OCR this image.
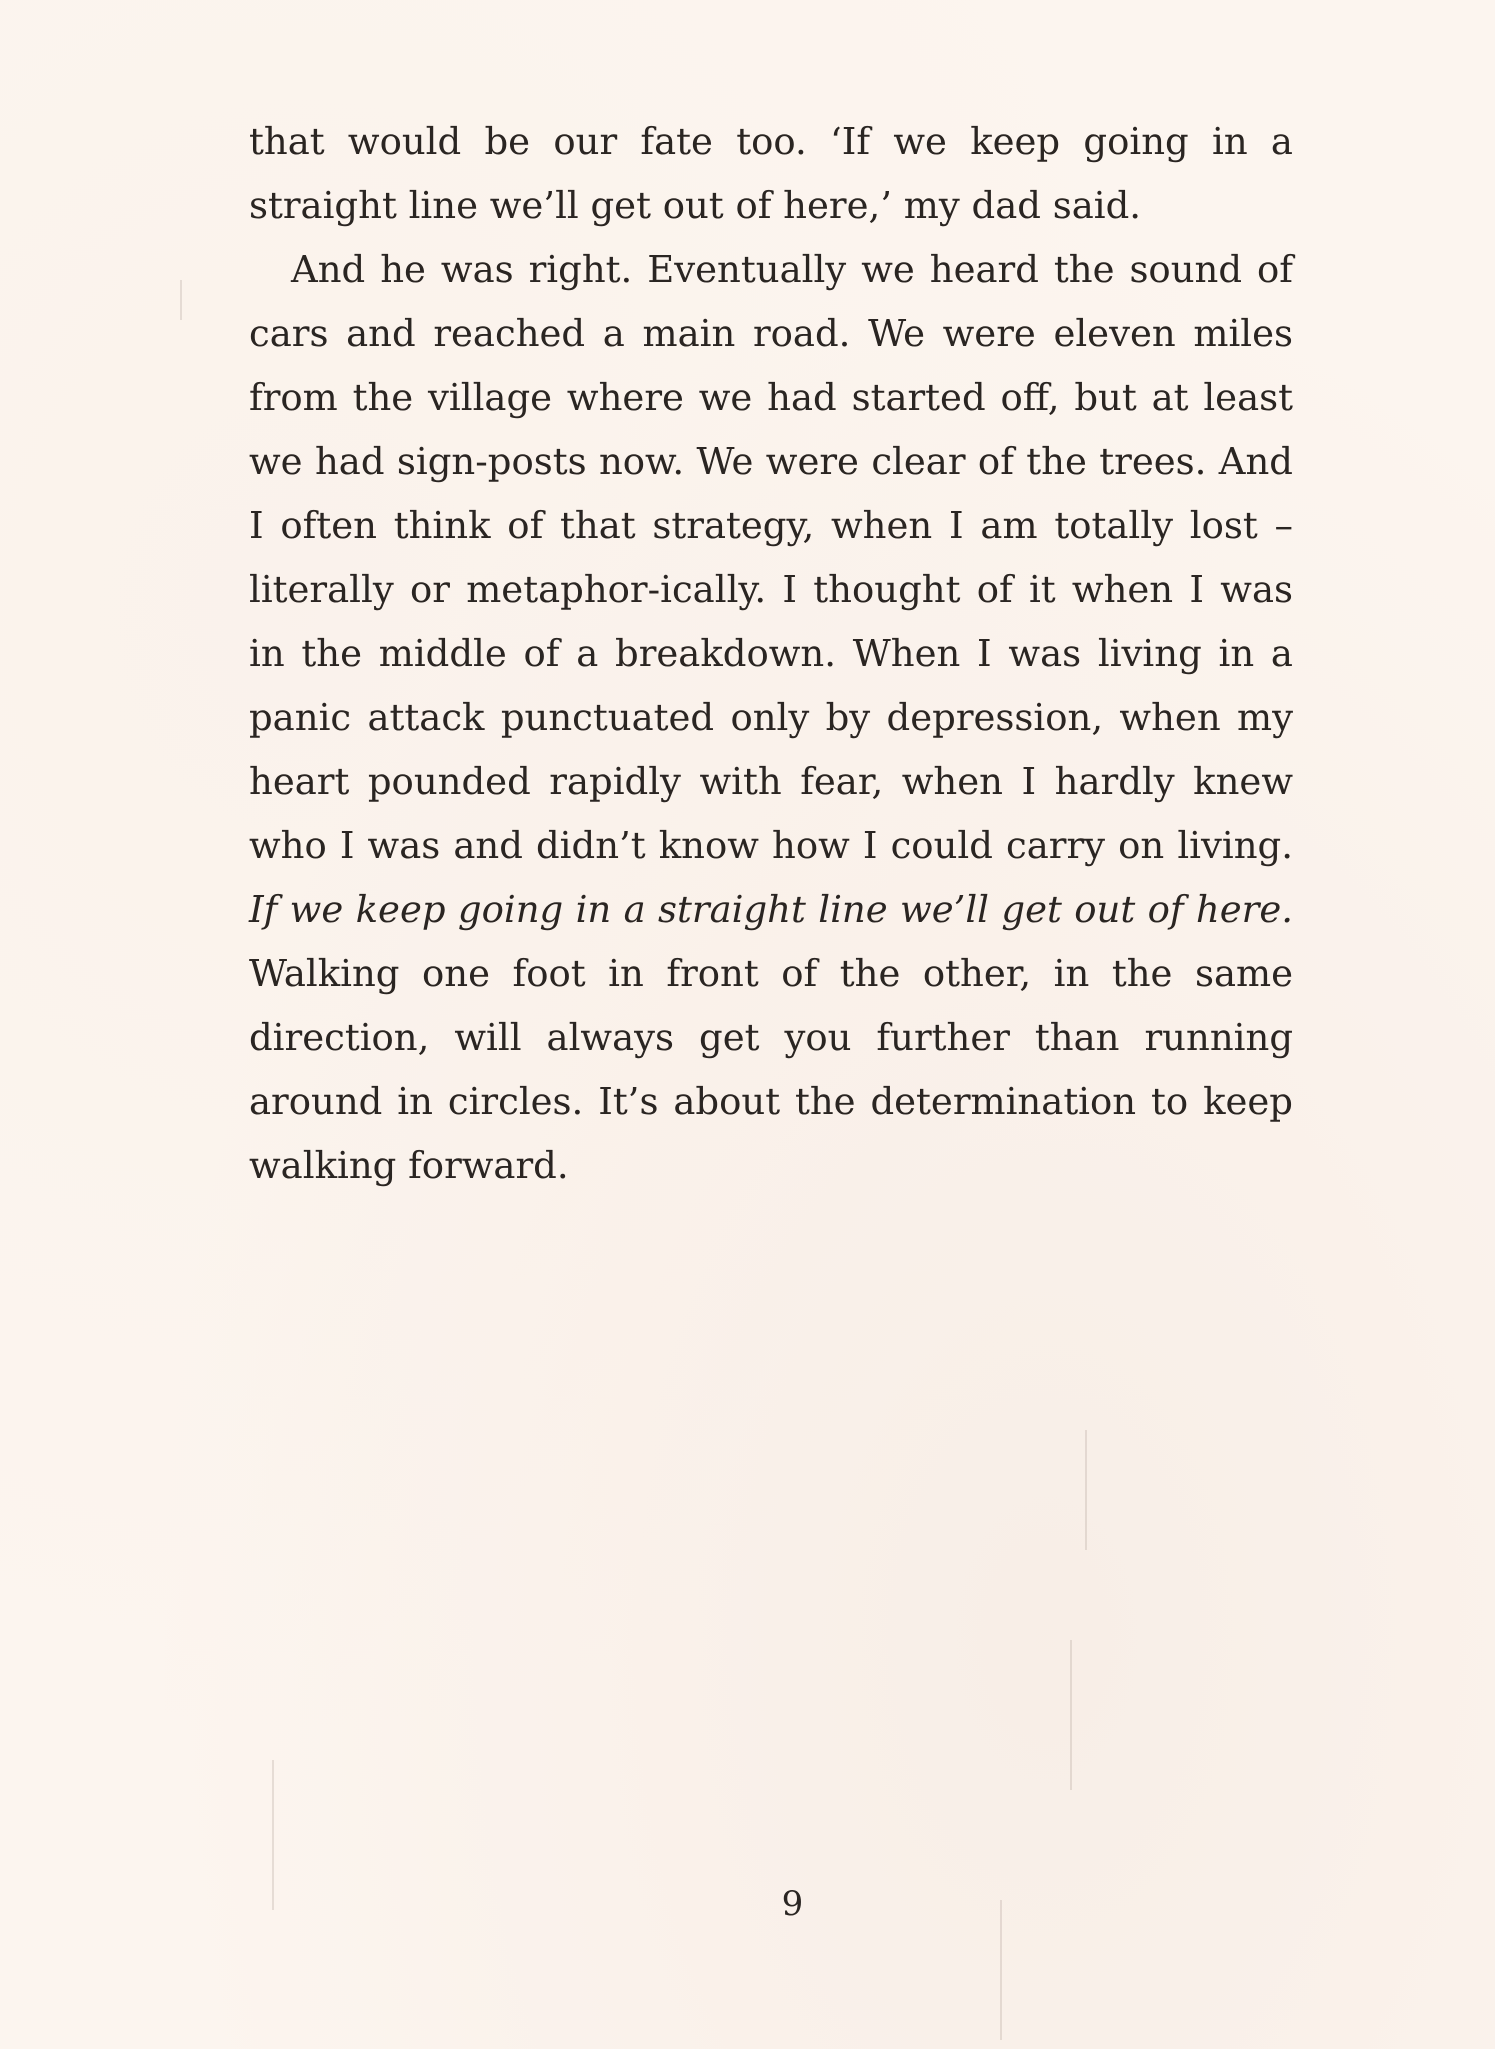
that would be our fate too. ‘If we keep going in a straight line we’ll get out of here,’ my dad said.

And he was right. Eventually we heard the sound of cars and reached a main road. We were eleven miles from the village where we had started off, but at least we had sign-posts now. We were clear of the trees. And I often think of that strategy, when I am totally lost – literally or metaphor-ically. I thought of it when I was in the middle of a breakdown. When I was living in a panic attack punctuated only by depression, when my heart pounded rapidly with fear, when I hardly knew who I was and didn’t know how I could carry on living. If we keep going in a straight line we’ll get out of here. Walking one foot in front of the other, in the same direction, will always get you further than running around in circles. It’s about the determination to keep walking forward.

9
